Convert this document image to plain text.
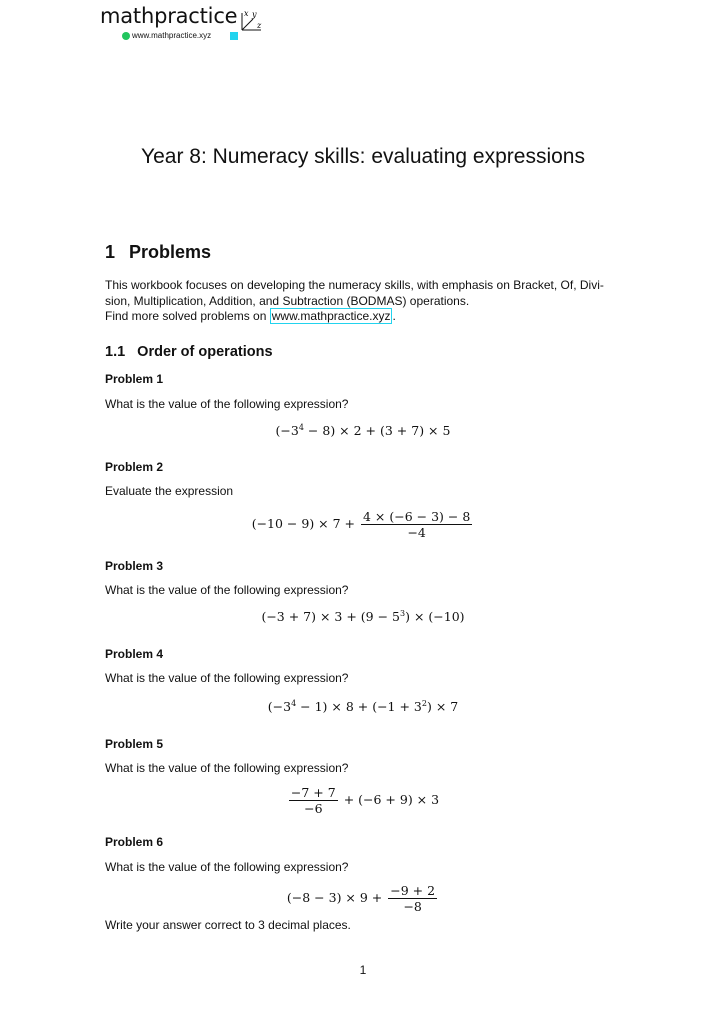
mathpractice x y
z
www.mathpractice.xyz
Year 8: Numeracy skills: evaluating expressions
1 Problems
This workbook focuses on developing the numeracy skills, with emphasis on Bracket, Of, Divi-
sion, Multiplication, Addition, and Subtraction (BODMAS) operations.
Find more solved problems on www.mathpractice.xyz .
1.1 Order of operations
Problem 1
What is the value of the following expression?
$(-3^4 - 8) \times 2 + (3 + 7) \times 5$
Problem 2
Evaluate the expression
$(-10 - 9) \times 7 + \frac{4 \times (-6 - 3) - 8}{-4}$
Problem 3
What is the value of the following expression?
$(-3 + 7) \times 3 + (9 - 5^3) \times (-10)$
Problem 4
What is the value of the following expression?
$(-3^4 - 1) \times 8 + (-1 + 3^2) \times 7$
Problem 5
What is the value of the following expression?
$\frac{-7 + 7}{-6} + (-6 + 9) \times 3$
Problem 6
What is the value of the following expression?
$(-8 - 3) \times 9 + \frac{-9 + 2}{-8}$
Write your answer correct to 3 decimal places.
1
